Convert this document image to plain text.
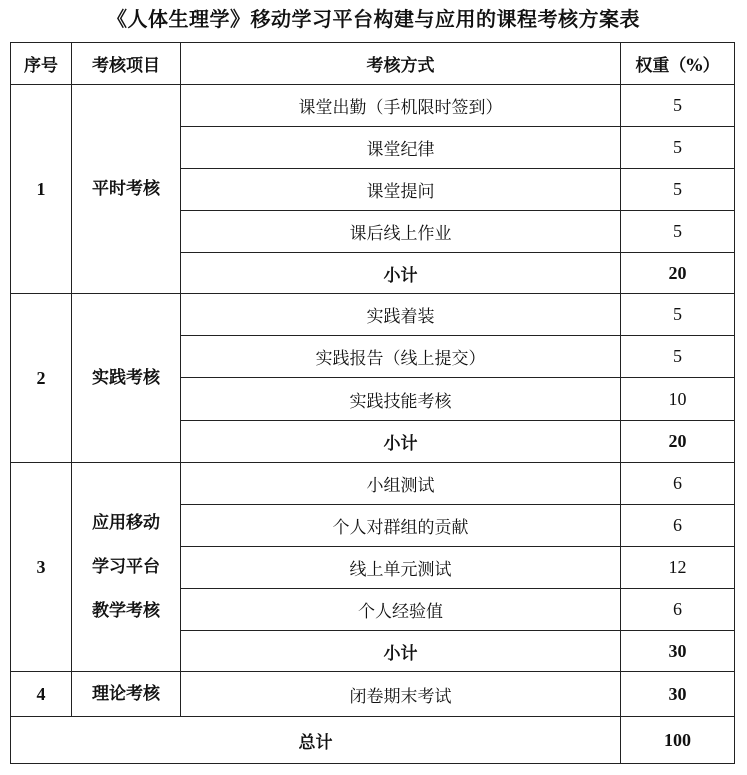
《人体生理学》移动学习平台构建与应用的课程考核方案表
序号	考核项目	考核方式	权重（%）
1	平时考核	课堂出勤（手机限时签到）	5
		课堂纪律	5
		课堂提问	5
		课后线上作业	5
		小计	20
2	实践考核	实践着装	5
		实践报告（线上提交）	5
		实践技能考核	10
		小计	20
3	应用移动
学习平台
教学考核	小组测试	6
		个人对群组的贡献	6
		线上单元测试	12
		个人经验值	6
		小计	30
4	理论考核	闭卷期末考试	30
总计			100
